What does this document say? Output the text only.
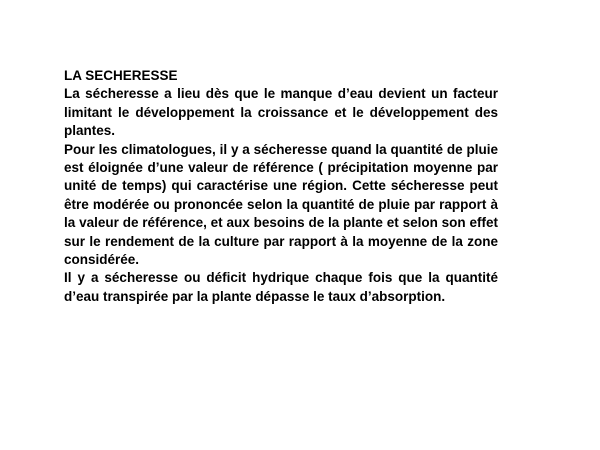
LA SECHERESSE

La sécheresse a lieu dès que le manque d’eau devient un facteur limitant le développement la croissance et le développement des plantes.

Pour les climatologues, il y a sécheresse quand la quantité de pluie est éloignée d’une valeur de référence ( précipitation moyenne par unité de temps) qui caractérise une région. Cette sécheresse peut être modérée ou prononcée selon la quantité de pluie par rapport à la valeur de référence, et aux besoins de la plante et selon son effet sur le rendement de la culture par rapport à la moyenne de la zone considérée.

Il y a sécheresse ou déficit hydrique chaque fois que la quantité d’eau transpirée par la plante dépasse le taux d’absorption.
